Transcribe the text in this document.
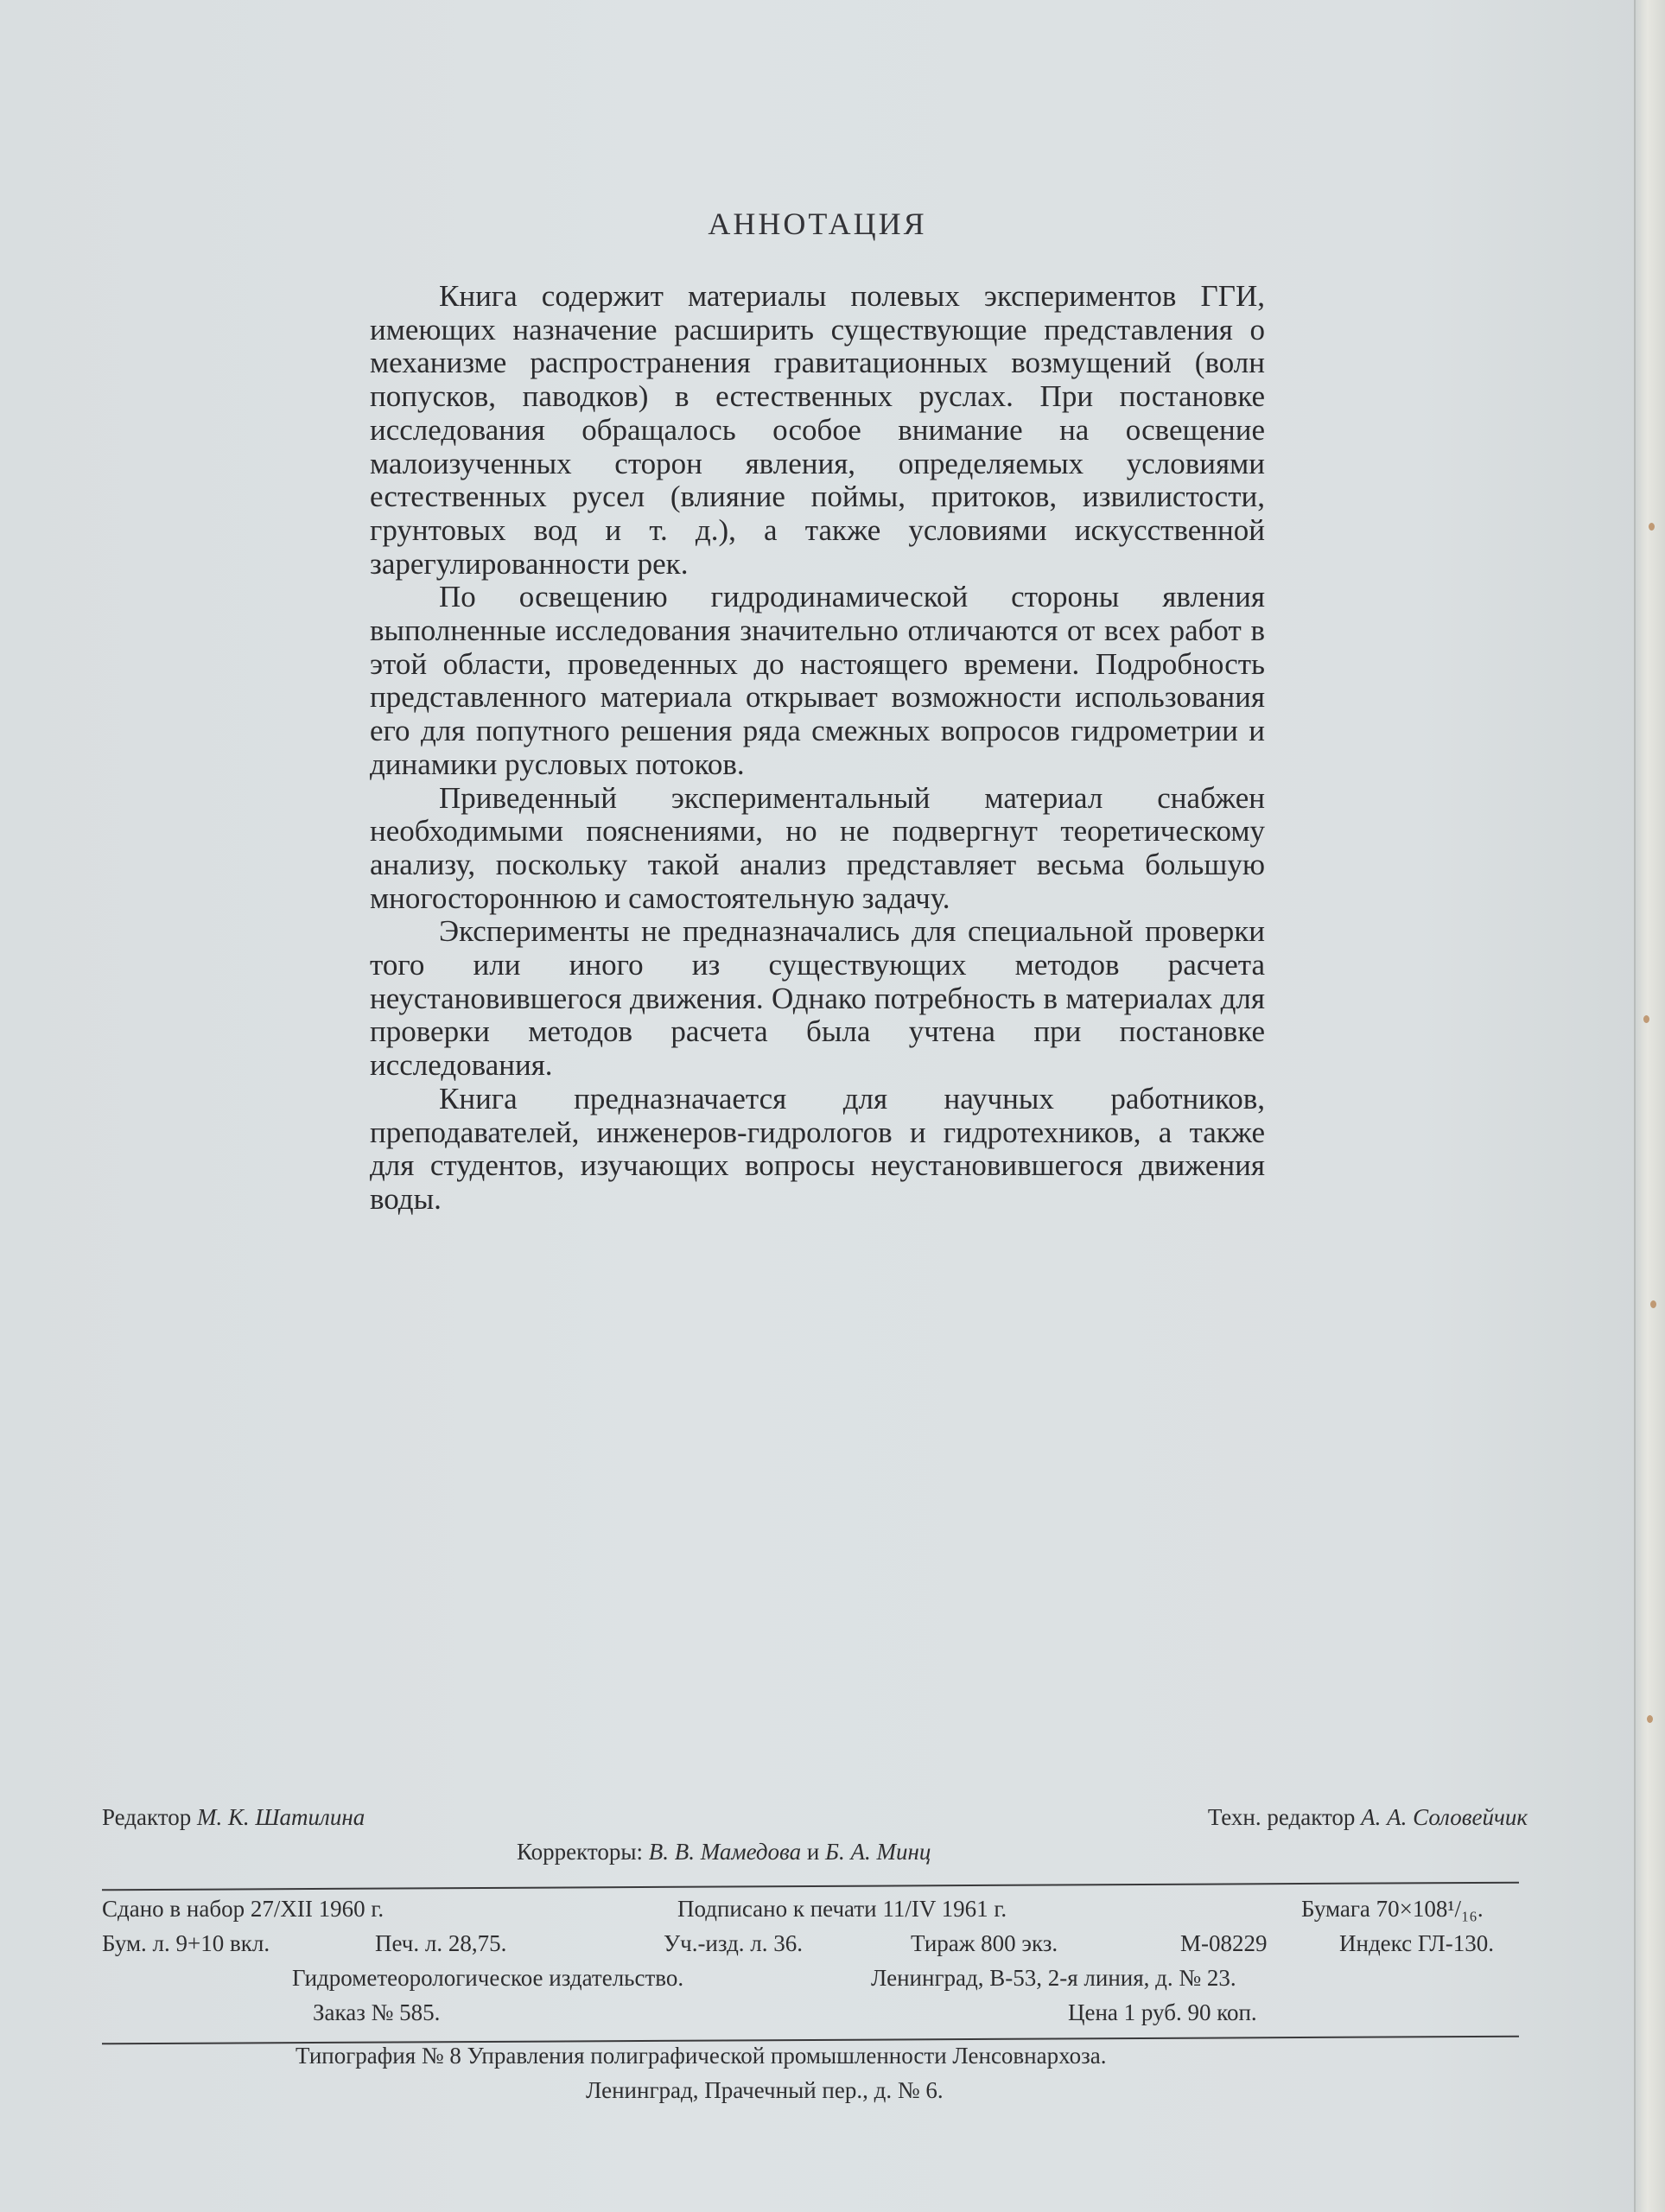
АННОТАЦИЯ

Книга содержит материалы полевых экспериментов ГГИ, имеющих назначение расширить существующие представления о механизме распространения гравитационных возмущений (волн попусков, паводков) в естественных руслах. При постановке исследования обращалось особое внимание на освещение малоизученных сторон явления, определяемых условиями естественных русел (влияние поймы, притоков, извилистости, грунтовых вод и т. д.), а также условиями искусственной зарегулированности рек.

По освещению гидродинамической стороны явления выполненные исследования значительно отличаются от всех работ в этой области, проведенных до настоящего времени. Подробность представленного материала открывает возможности использования его для попутного решения ряда смежных вопросов гидрометрии и динамики русловых потоков.

Приведенный экспериментальный материал снабжен необходимыми пояснениями, но не подвергнут теоретическому анализу, поскольку такой анализ представляет весьма большую многостороннюю и самостоятельную задачу.

Эксперименты не предназначались для специальной проверки того или иного из существующих методов расчета неустановившегося движения. Однако потребность в материалах для проверки методов расчета была учтена при постановке исследования.

Книга предназначается для научных работников, преподавателей, инженеров-гидрологов и гидротехников, а также для студентов, изучающих вопросы неустановившегося движения воды.

Редактор М. К. Шатилина	Техн. редактор А. А. Соловейчик
Корректоры: В. В. Мамедова и Б. А. Минц
Сдано в набор 27/XII 1960 г.	Подписано к печати 11/IV 1961 г.	Бумага 70×108¹/₁₆.
Бум. л. 9+10 вкл.	Печ. л. 28,75.	Уч.-изд. л. 36.	Тираж 800 экз.	М-08229	Индекс ГЛ-130.
Гидрометеорологическое издательство.	Ленинград, В-53, 2-я линия, д. № 23.
Заказ № 585.	Цена 1 руб. 90 коп.
Типография № 8 Управления полиграфической промышленности Ленсовнархоза.
Ленинград, Прачечный пер., д. № 6.
